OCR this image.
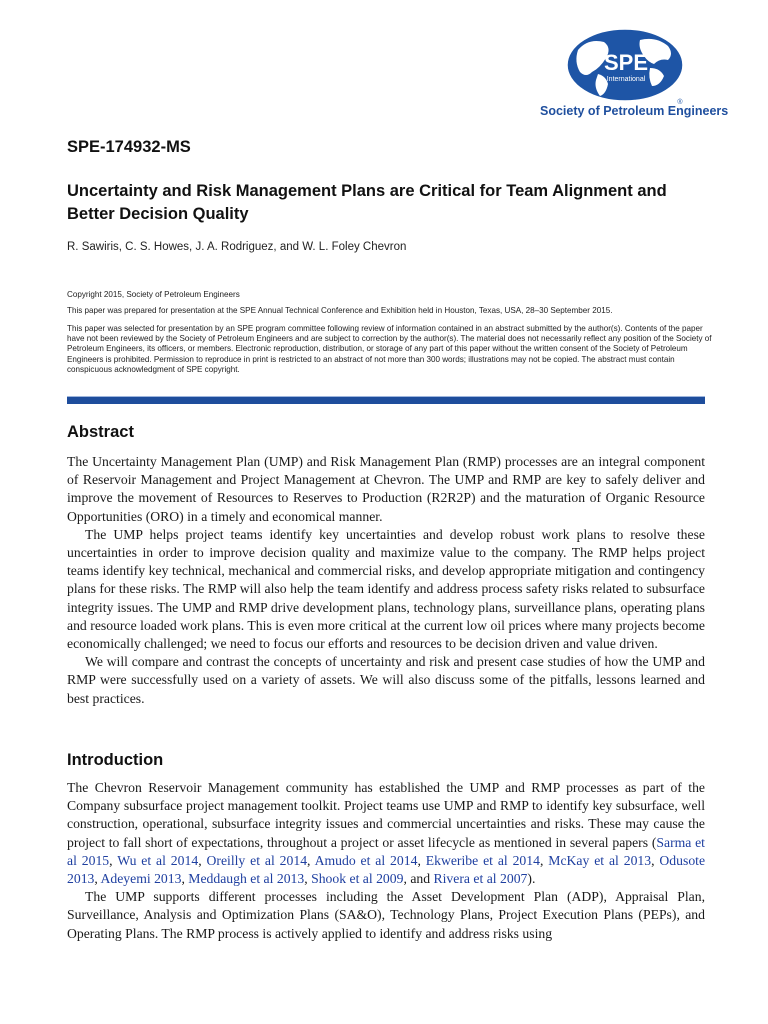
SPE
International
®
Society of Petroleum Engineers
SPE-174932-MS
Uncertainty and Risk Management Plans are Critical for Team Alignment and Better Decision Quality
R. Sawiris, C. S. Howes, J. A. Rodriguez, and W. L. Foley Chevron

Copyright 2015, Society of Petroleum Engineers

This paper was prepared for presentation at the SPE Annual Technical Conference and Exhibition held in Houston, Texas, USA, 28–30 September 2015.

This paper was selected for presentation by an SPE program committee following review of information contained in an abstract submitted by the author(s). Contents of the paper have not been reviewed by the Society of Petroleum Engineers and are subject to correction by the author(s). The material does not necessarily reflect any position of the Society of Petroleum Engineers, its officers, or members. Electronic reproduction, distribution, or storage of any part of this paper without the written consent of the Society of Petroleum Engineers is prohibited. Permission to reproduce in print is restricted to an abstract of not more than 300 words; illustrations may not be copied. The abstract must contain conspicuous acknowledgment of SPE copyright.

Abstract

The Uncertainty Management Plan (UMP) and Risk Management Plan (RMP) processes are an integral component of Reservoir Management and Project Management at Chevron. The UMP and RMP are key to safely deliver and improve the movement of Resources to Reserves to Production (R2R2P) and the maturation of Organic Resource Opportunities (ORO) in a timely and economical manner.

The UMP helps project teams identify key uncertainties and develop robust work plans to resolve these uncertainties in order to improve decision quality and maximize value to the company. The RMP helps project teams identify key technical, mechanical and commercial risks, and develop appropriate mitigation and contingency plans for these risks. The RMP will also help the team identify and address process safety risks related to subsurface integrity issues. The UMP and RMP drive development plans, technology plans, surveillance plans, operating plans and resource loaded work plans. This is even more critical at the current low oil prices where many projects become economically challenged; we need to focus our efforts and resources to be decision driven and value driven.

We will compare and contrast the concepts of uncertainty and risk and present case studies of how the UMP and RMP were successfully used on a variety of assets. We will also discuss some of the pitfalls, lessons learned and best practices.

Introduction

The Chevron Reservoir Management community has established the UMP and RMP processes as part of the Company subsurface project management toolkit. Project teams use UMP and RMP to identify key subsurface, well construction, operational, subsurface integrity issues and commercial uncertainties and risks. These may cause the project to fall short of expectations, throughout a project or asset lifecycle as mentioned in several papers (Sarma et al 2015, Wu et al 2014, Oreilly et al 2014, Amudo et al 2014, Ekweribe et al 2014, McKay et al 2013, Odusote 2013, Adeyemi 2013, Meddaugh et al 2013, Shook et al 2009, and Rivera et al 2007).

The UMP supports different processes including the Asset Development Plan (ADP), Appraisal Plan, Surveillance, Analysis and Optimization Plans (SA&O), Technology Plans, Project Execution Plans (PEPs), and Operating Plans. The RMP process is actively applied to identify and address risks using
